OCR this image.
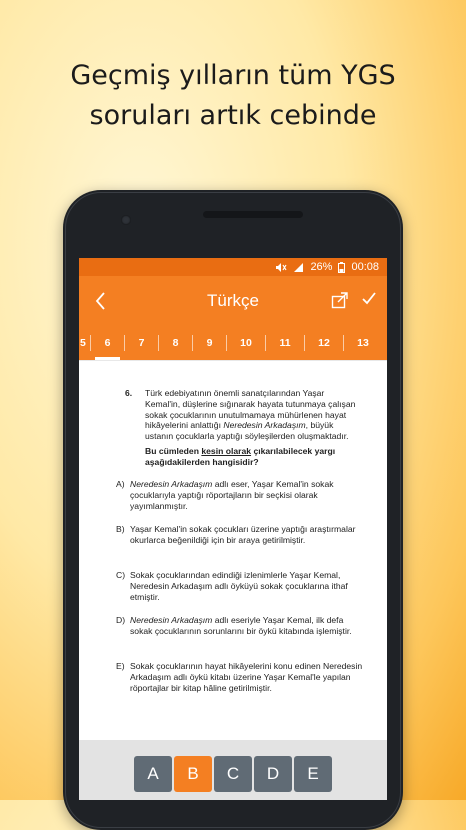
Geçmiş yılların tüm YGS
soruları artık cebinde
26% 00:08
Türkçe
5	6	7	8	9	10	11	12	13
6. Türk edebiyatının önemli sanatçılarından Yaşar Kemal'in, düşlerine sığınarak hayata tutunmaya çalışan sokak çocuklarının unutulmamaya mühürlenen hayat hikâyelerini anlattığı Neredesin Arkadaşım, büyük ustanın çocuklarla yaptığı söyleşilerden oluşmaktadır.

Bu cümleden kesin olarak çıkarılabilecek yargı aşağıdakilerden hangisidir?

A) Neredesin Arkadaşım adlı eser, Yaşar Kemal'in sokak çocuklarıyla yaptığı röportajların bir seçkisi olarak yayımlanmıştır.
B) Yaşar Kemal'in sokak çocukları üzerine yaptığı araştırmalar okurlarca beğenildiği için bir araya getirilmiştir.
C) Sokak çocuklarından edindiği izlenimlerle Yaşar Kemal, Neredesin Arkadaşım adlı öyküyü sokak çocuklarına ithaf etmiştir.
D) Neredesin Arkadaşım adlı eseriyle Yaşar Kemal, ilk defa sokak çocuklarının sorunlarını bir öykü kitabında işlemiştir.
E) Sokak çocuklarının hayat hikâyelerini konu edinen Neredesin Arkadaşım adlı öykü kitabı üzerine Yaşar Kemal'le yapılan röportajlar bir kitap hâline getirilmiştir.
A	B	C	D	E
